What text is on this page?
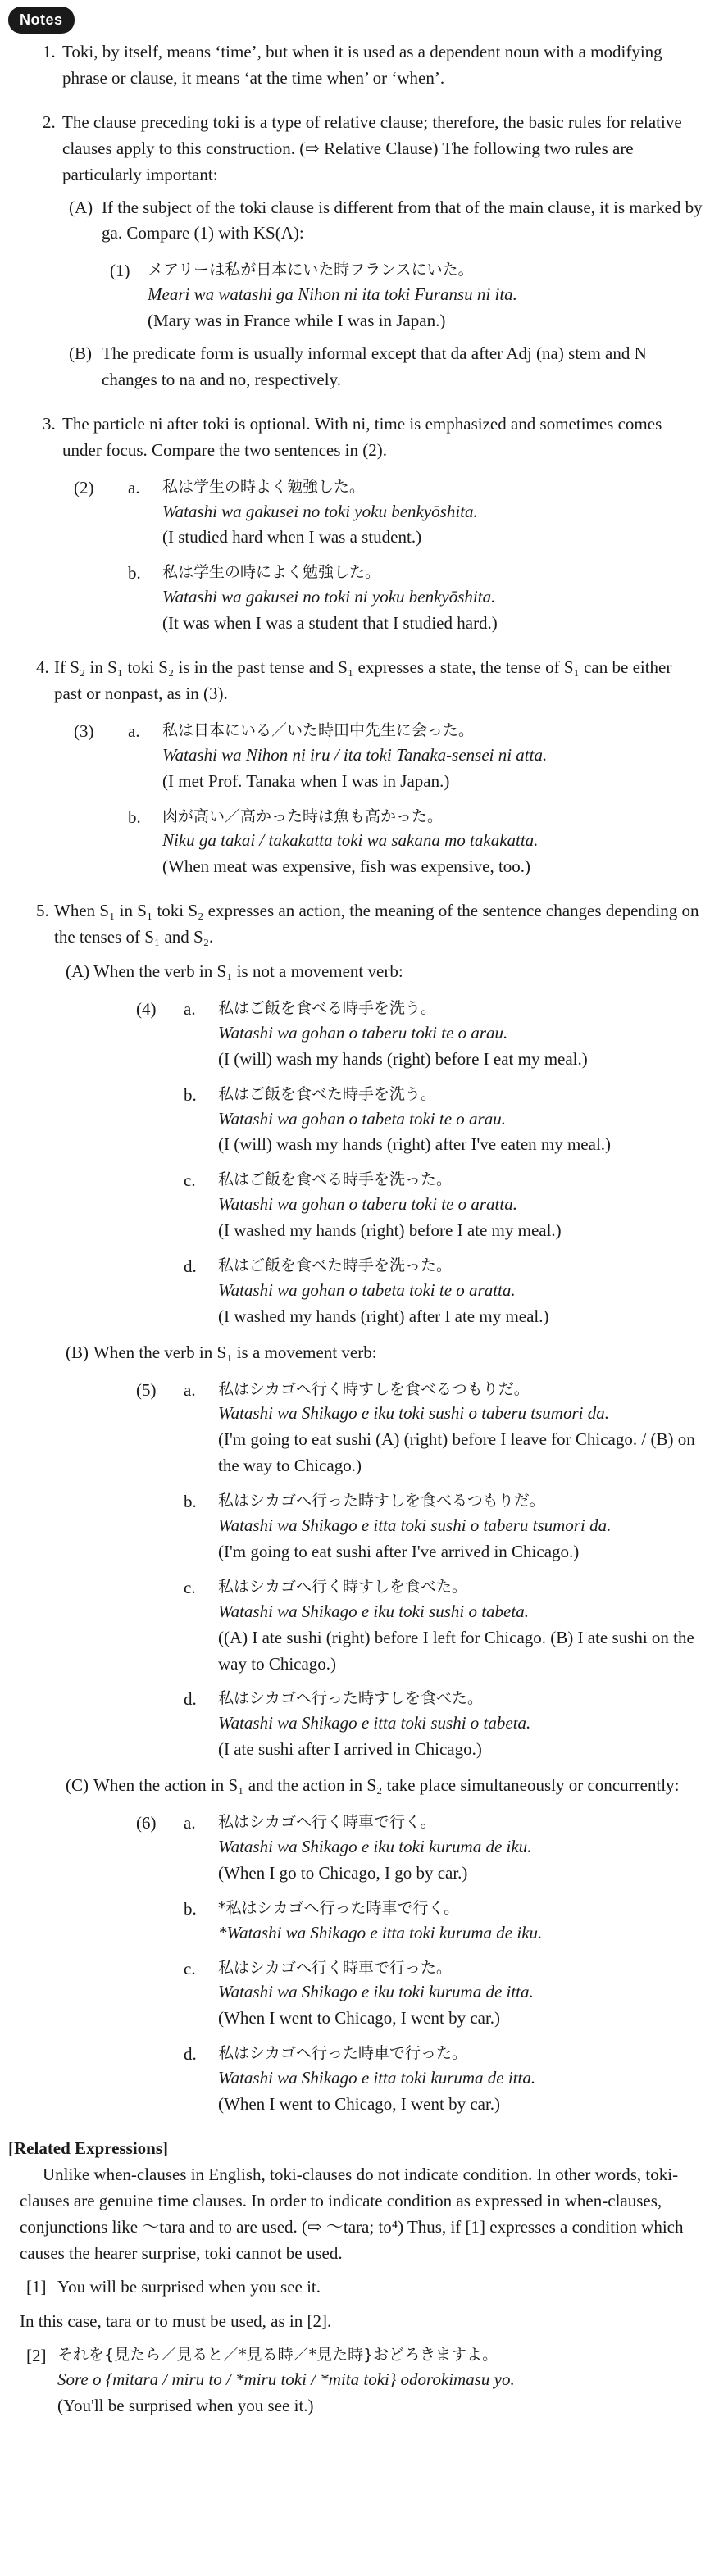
Notes
1. Toki, by itself, means ‘time’, but when it is used as a dependent noun with a modifying phrase or clause, it means ‘at the time when’ or ‘when’.
2. The clause preceding toki is a type of relative clause; therefore, the basic rules for relative clauses apply to this construction. (⇨ Relative Clause) The following two rules are particularly important:
(A) If the subject of the toki clause is different from that of the main clause, it is marked by ga. Compare (1) with KS(A):
(1) メアリーは私が日本にいた時フランスにいた。
Meari wa watashi ga Nihon ni ita toki Furansu ni ita.
(Mary was in France while I was in Japan.)
(B) The predicate form is usually informal except that da after Adj (na) stem and N changes to na and no, respectively.
3. The particle ni after toki is optional. With ni, time is emphasized and sometimes comes under focus. Compare the two sentences in (2).
(2) a. 私は学生の時よく勉強した。
Watashi wa gakusei no toki yoku benkyōshita.
(I studied hard when I was a student.)
b. 私は学生の時によく勉強した。
Watashi wa gakusei no toki ni yoku benkyōshita.
(It was when I was a student that I studied hard.)
4. If S₂ in S₁ toki S₂ is in the past tense and S₁ expresses a state, the tense of S₁ can be either past or nonpast, as in (3).
(3) a. 私は日本にいる／いた時田中先生に会った。
Watashi wa Nihon ni iru / ita toki Tanaka-sensei ni atta.
(I met Prof. Tanaka when I was in Japan.)
b. 肉が高い／高かった時は魚も高かった。
Niku ga takai / takakatta toki wa sakana mo takakatta.
(When meat was expensive, fish was expensive, too.)
5. When S₁ in S₁ toki S₂ expresses an action, the meaning of the sentence changes depending on the tenses of S₁ and S₂.
(A) When the verb in S₁ is not a movement verb:
(4) a. 私はご飯を食べる時手を洗う。
Watashi wa gohan o taberu toki te o arau.
(I (will) wash my hands (right) before I eat my meal.)
b. 私はご飯を食べた時手を洗う。
Watashi wa gohan o tabeta toki te o arau.
(I (will) wash my hands (right) after I've eaten my meal.)
c. 私はご飯を食べる時手を洗った。
Watashi wa gohan o taberu toki te o aratta.
(I washed my hands (right) before I ate my meal.)
d. 私はご飯を食べた時手を洗った。
Watashi wa gohan o tabeta toki te o aratta.
(I washed my hands (right) after I ate my meal.)
(B) When the verb in S₁ is a movement verb:
(5) a. 私はシカゴへ行く時すしを食べるつもりだ。
Watashi wa Shikago e iku toki sushi o taberu tsumori da.
(I'm going to eat sushi (A) (right) before I leave for Chicago. / (B) on the way to Chicago.)
b. 私はシカゴへ行った時すしを食べるつもりだ。
Watashi wa Shikago e itta toki sushi o taberu tsumori da.
(I'm going to eat sushi after I've arrived in Chicago.)
c. 私はシカゴへ行く時すしを食べた。
Watashi wa Shikago e iku toki sushi o tabeta.
((A) I ate sushi (right) before I left for Chicago. (B) I ate sushi on the way to Chicago.)
d. 私はシカゴへ行った時すしを食べた。
Watashi wa Shikago e itta toki sushi o tabeta.
(I ate sushi after I arrived in Chicago.)
(C) When the action in S₁ and the action in S₂ take place simultaneously or concurrently:
(6) a. 私はシカゴへ行く時車で行く。
Watashi wa Shikago e iku toki kuruma de iku.
(When I go to Chicago, I go by car.)
b. *私はシカゴへ行った時車で行く。
*Watashi wa Shikago e itta toki kuruma de iku.
c. 私はシカゴへ行く時車で行った。
Watashi wa Shikago e iku toki kuruma de itta.
(When I went to Chicago, I went by car.)
d. 私はシカゴへ行った時車で行った。
Watashi wa Shikago e itta toki kuruma de itta.
(When I went to Chicago, I went by car.)
[Related Expressions]
Unlike when-clauses in English, toki-clauses do not indicate condition. In other words, toki-clauses are genuine time clauses. In order to indicate condition as expressed in when-clauses, conjunctions like ～tara and to are used. (⇨ ～tara; to⁴) Thus, if [1] expresses a condition which causes the hearer surprise, toki cannot be used.
[1] You will be surprised when you see it.
In this case, tara or to must be used, as in [2].
[2] それを{見たら／見ると／*見る時／*見た時}おどろきますよ。
Sore o {mitara / miru to / *miru toki / *mita toki} odorokimasu yo.
(You'll be surprised when you see it.)
